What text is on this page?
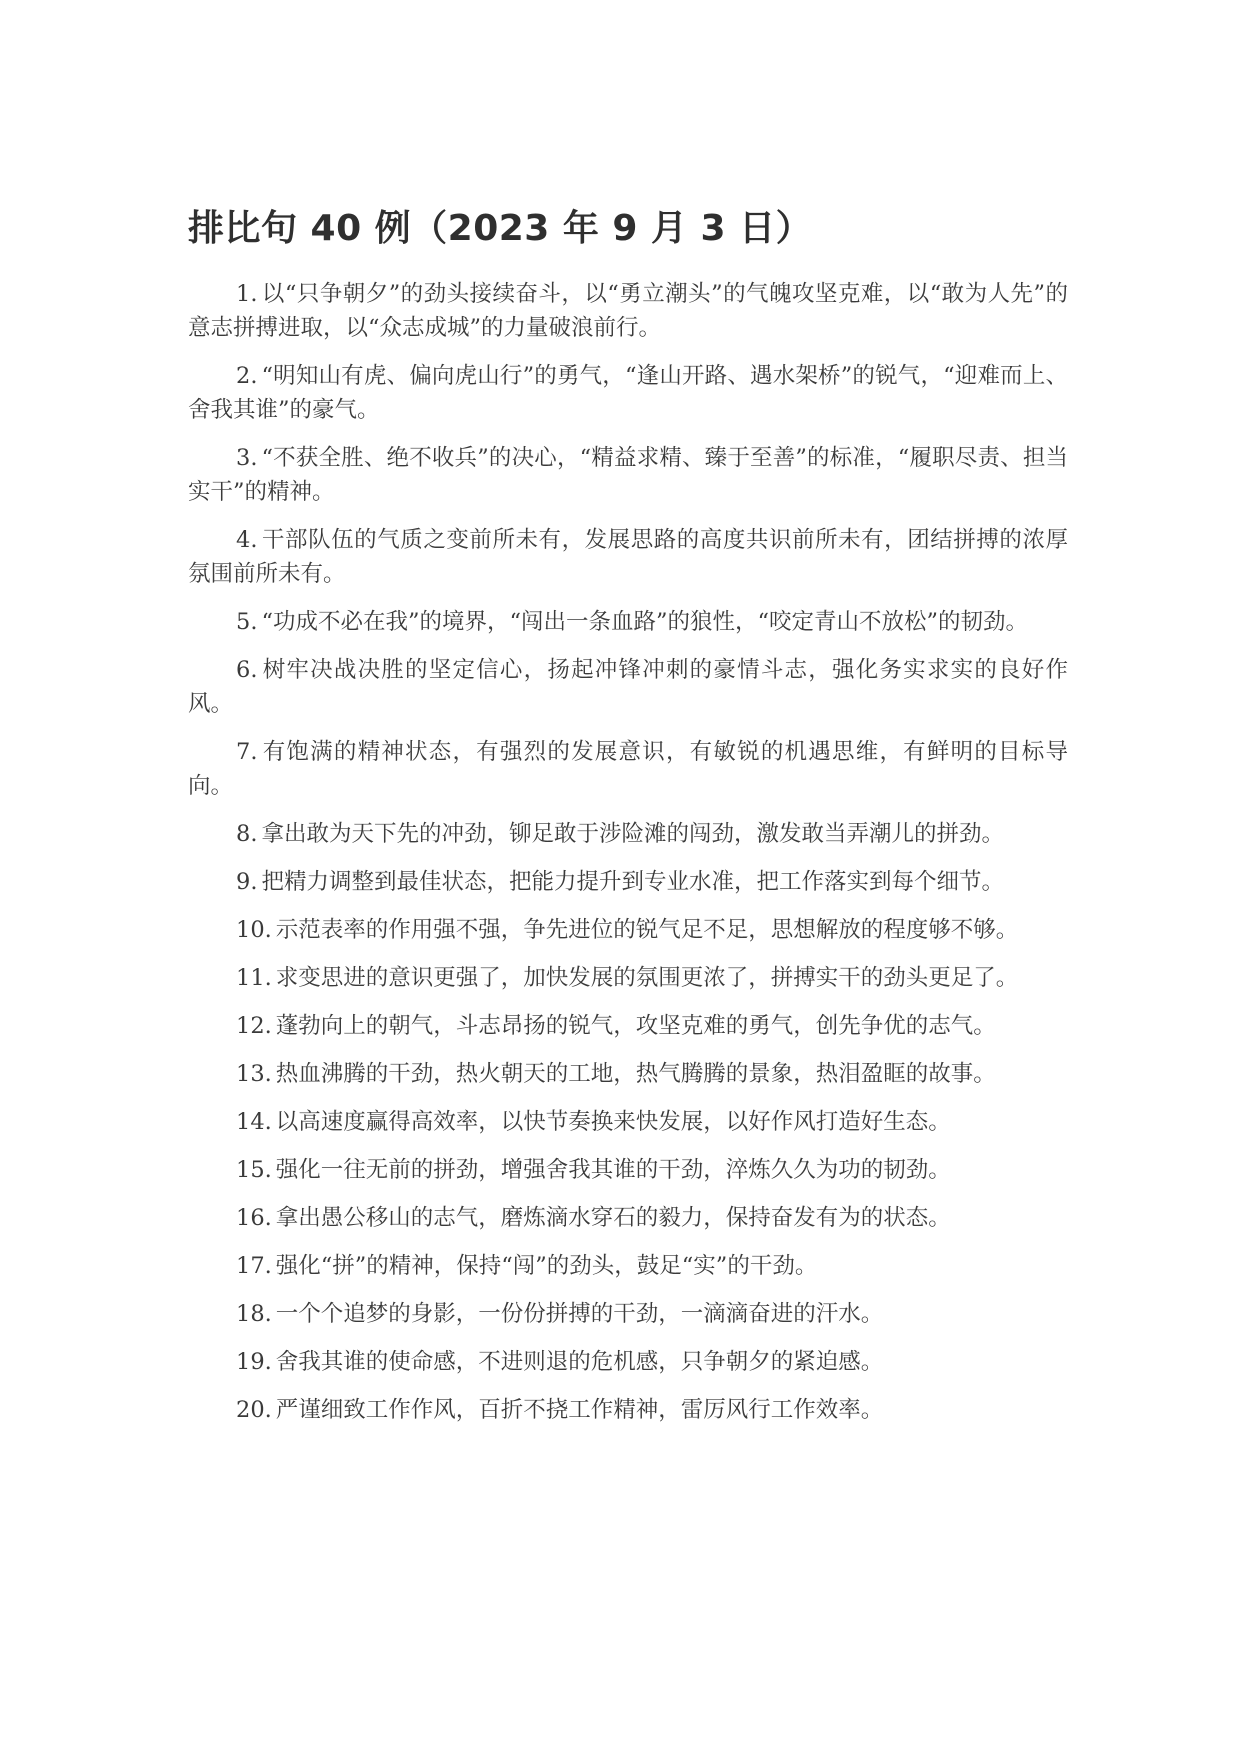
排比句 40 例（2023 年 9 月 3 日）
1. 以“只争朝夕”的劲头接续奋斗，以“勇立潮头”的气魄攻坚克难，以“敢为人先”的意志拼搏进取，以“众志成城”的力量破浪前行。
2. “明知山有虎、偏向虎山行”的勇气，“逢山开路、遇水架桥”的锐气，“迎难而上、舍我其谁”的豪气。
3. “不获全胜、绝不收兵”的决心，“精益求精、臻于至善”的标准，“履职尽责、担当实干”的精神。
4. 干部队伍的气质之变前所未有，发展思路的高度共识前所未有，团结拼搏的浓厚氛围前所未有。
5. “功成不必在我”的境界，“闯出一条血路”的狼性，“咬定青山不放松”的韧劲。
6. 树牢决战决胜的坚定信心，扬起冲锋冲刺的豪情斗志，强化务实求实的良好作风。
7. 有饱满的精神状态，有强烈的发展意识，有敏锐的机遇思维，有鲜明的目标导向。
8. 拿出敢为天下先的冲劲，铆足敢于涉险滩的闯劲，激发敢当弄潮儿的拼劲。
9. 把精力调整到最佳状态，把能力提升到专业水准，把工作落实到每个细节。
10. 示范表率的作用强不强，争先进位的锐气足不足，思想解放的程度够不够。
11. 求变思进的意识更强了，加快发展的氛围更浓了，拼搏实干的劲头更足了。
12. 蓬勃向上的朝气，斗志昂扬的锐气，攻坚克难的勇气，创先争优的志气。
13. 热血沸腾的干劲，热火朝天的工地，热气腾腾的景象，热泪盈眶的故事。
14. 以高速度赢得高效率，以快节奏换来快发展，以好作风打造好生态。
15. 强化一往无前的拼劲，增强舍我其谁的干劲，淬炼久久为功的韧劲。
16. 拿出愚公移山的志气，磨炼滴水穿石的毅力，保持奋发有为的状态。
17. 强化“拼”的精神，保持“闯”的劲头，鼓足“实”的干劲。
18. 一个个追梦的身影，一份份拼搏的干劲，一滴滴奋进的汗水。
19. 舍我其谁的使命感，不进则退的危机感，只争朝夕的紧迫感。
20. 严谨细致工作作风，百折不挠工作精神，雷厉风行工作效率。
